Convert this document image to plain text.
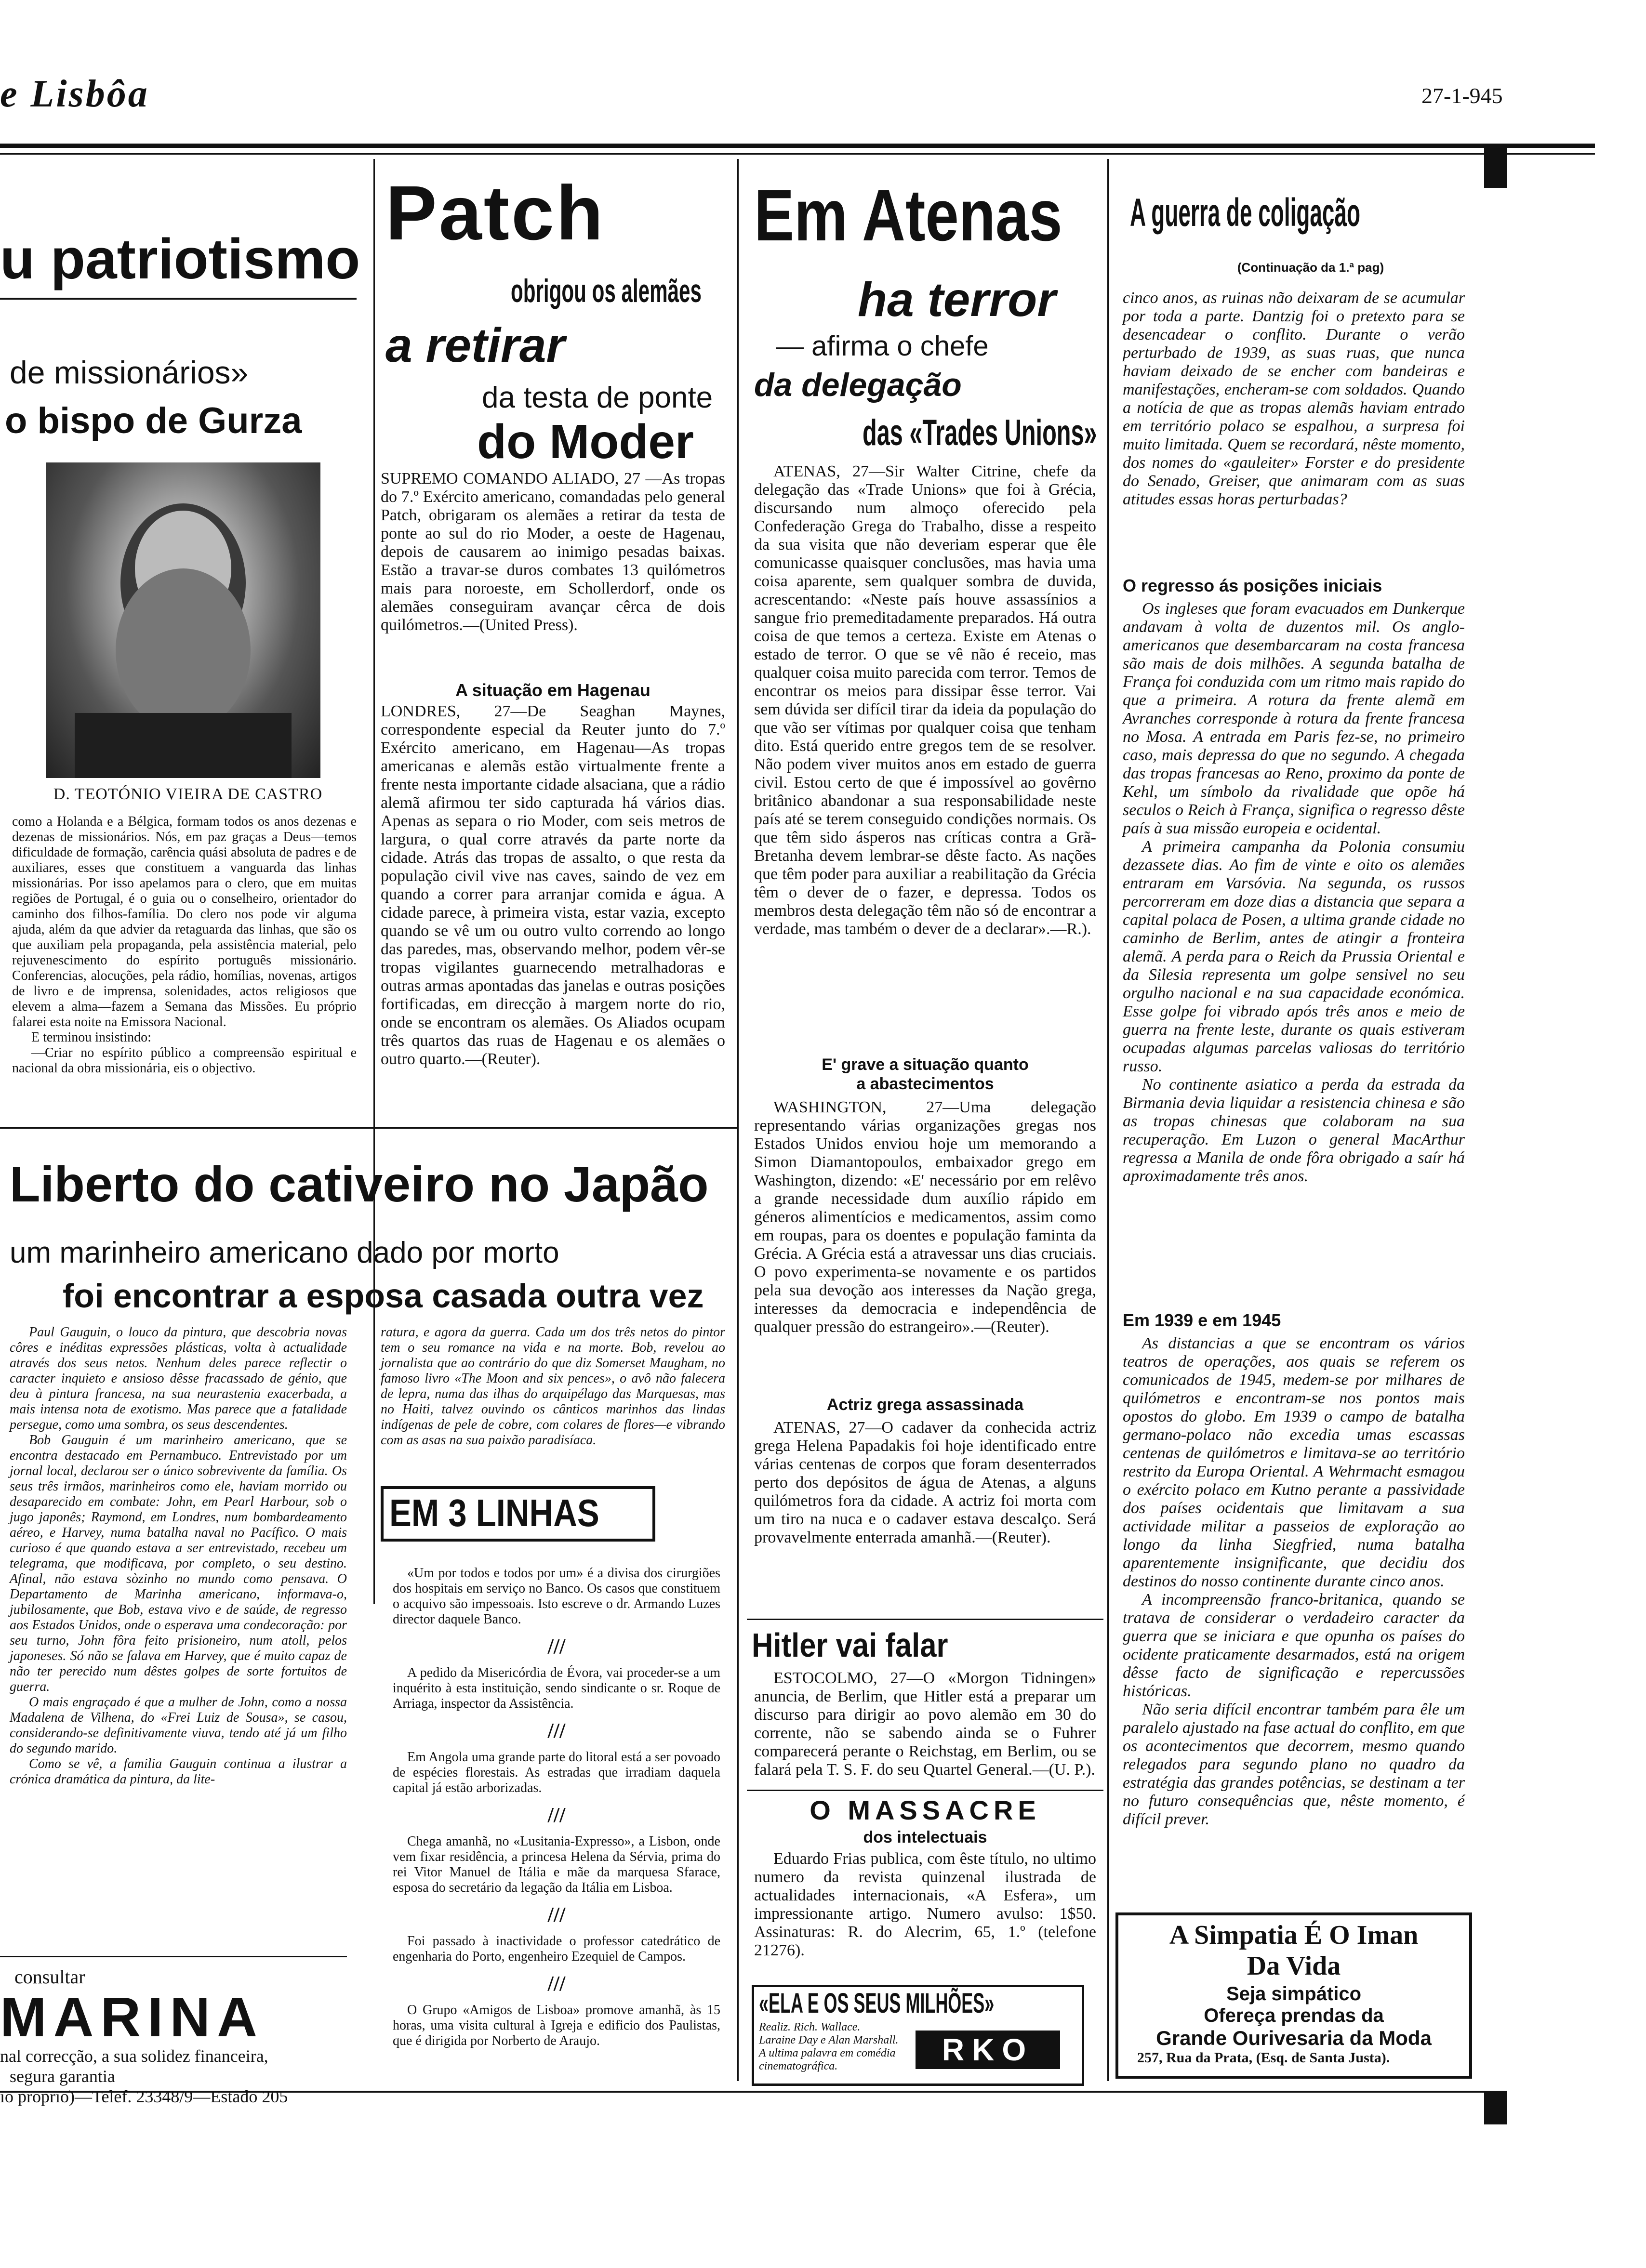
e Lisbôa	27-1-945
u patriotismo
de missionários»
o bispo de Gurza
D. TEOTÓNIO VIEIRA DE CASTRO

como a Holanda e a Bélgica, formam todos os anos dezenas e dezenas de missionários. Nós, em paz graças a Deus—temos dificuldade de formação, carência quási absoluta de padres e de auxiliares, esses que constituem a vanguarda das linhas missionárias. Por isso apelamos para o clero, que em muitas regiões de Portugal, é o guia ou o conselheiro, orientador do caminho dos filhos-família. Do clero nos pode vir alguma ajuda, além da que advier da retaguarda das linhas, que são os que auxiliam pela propaganda, pela assistência material, pelo rejuvenescimento do espírito português missionário. Conferencias, alocuções, pela rádio, homílias, novenas, artigos de livro e de imprensa, solenidades, actos religiosos que elevem a alma—fazem a Semana das Missões. Eu próprio falarei esta noite na Emissora Nacional.

E terminou insistindo:

—Criar no espírito público a compreensão espiritual e nacional da obra missionária, eis o objectivo.

Patch
obrigou os alemães
a retirar
da testa de ponte
do Moder

SUPREMO COMANDO ALIADO, 27 —As tropas do 7.º Exército americano, comandadas pelo general Patch, obrigaram os alemães a retirar da testa de ponte ao sul do rio Moder, a oeste de Hagenau, depois de causarem ao inimigo pesadas baixas. Estão a travar-se duros combates 13 quilómetros mais para noroeste, em Schollerdorf, onde os alemães conseguiram avançar cêrca de dois quilómetros.—(United Press).

A situação em Hagenau

LONDRES, 27—De Seaghan Maynes, correspondente especial da Reuter junto do 7.º Exército americano, em Hagenau—As tropas americanas e alemãs estão virtualmente frente a frente nesta importante cidade alsaciana, que a rádio alemã afirmou ter sido capturada há vários dias. Apenas as separa o rio Moder, com seis metros de largura, o qual corre através da parte norte da cidade. Atrás das tropas de assalto, o que resta da população civil vive nas caves, saindo de vez em quando a correr para arranjar comida e água. A cidade parece, à primeira vista, estar vazia, excepto quando se vê um ou outro vulto correndo ao longo das paredes, mas, observando melhor, podem vêr-se tropas vigilantes guarnecendo metralhadoras e outras armas apontadas das janelas e outras posições fortificadas, em direcção à margem norte do rio, onde se encontram os alemães. Os Aliados ocupam três quartos das ruas de Hagenau e os alemães o outro quarto.—(Reuter).

Liberto do cativeiro no Japão
um marinheiro americano dado por morto
foi encontrar a esposa casada outra vez

Paul Gauguin, o louco da pintura, que descobria novas côres e inéditas expressões plásticas, volta à actualidade através dos seus netos. Nenhum deles parece reflectir o caracter inquieto e ansioso dêsse fracassado de génio, que deu à pintura francesa, na sua neurastenia exacerbada, a mais intensa nota de exotismo. Mas parece que a fatalidade persegue, como uma sombra, os seus descendentes.

Bob Gauguin é um marinheiro americano, que se encontra destacado em Pernambuco. Entrevistado por um jornal local, declarou ser o único sobrevivente da família. Os seus três irmãos, marinheiros como ele, haviam morrido ou desaparecido em combate: John, em Pearl Harbour, sob o jugo japonês; Raymond, em Londres, num bombardeamento aéreo, e Harvey, numa batalha naval no Pacífico. O mais curioso é que quando estava a ser entrevistado, recebeu um telegrama, que modificava, por completo, o seu destino. Afinal, não estava sòzinho no mundo como pensava. O Departamento de Marinha americano, informava-o, jubilosamente, que Bob, estava vivo e de saúde, de regresso aos Estados Unidos, onde o esperava uma condecoração: por seu turno, John fôra feito prisioneiro, num atoll, pelos japoneses. Só não se falava em Harvey, que é muito capaz de não ter perecido num dêstes golpes de sorte fortuitos de guerra.

O mais engraçado é que a mulher de John, como a nossa Madalena de Vilhena, do «Frei Luiz de Sousa», se casou, considerando-se definitivamente viuva, tendo até já um filho do segundo marido.

Como se vê, a familia Gauguin continua a ilustrar a crónica dramática da pintura, da lite-

ratura, e agora da guerra. Cada um dos três netos do pintor tem o seu romance na vida e na morte. Bob, revelou ao jornalista que ao contrário do que diz Somerset Maugham, no famoso livro «The Moon and six pences», o avô não falecera de lepra, numa das ilhas do arquipélago das Marquesas, mas no Haiti, talvez ouvindo os cânticos marinhos das lindas indígenas de pele de cobre, com colares de flores—e vibrando com as asas na sua paixão paradisíaca.

EM 3 LINHAS

«Um por todos e todos por um» é a divisa dos cirurgiões dos hospitais em serviço no Banco. Os casos que constituem o acquivo são impessoais. Isto escreve o dr. Armando Luzes director daquele Banco.

///

A pedido da Misericórdia de Évora, vai proceder-se a um inquérito à esta instituição, sendo sindicante o sr. Roque de Arriaga, inspector da Assistência.

///

Em Angola uma grande parte do litoral está a ser povoado de espécies florestais. As estradas que irradiam daquela capital já estão arborizadas.

///

Chega amanhã, no «Lusitania-Expresso», a Lisbon, onde vem fixar residência, a princesa Helena da Sérvia, prima do rei Vitor Manuel de Itália e mãe da marquesa Sfarace, esposa do secretário da legação da Itália em Lisboa.

///

Foi passado à inactividade o professor catedrático de engenharia do Porto, engenheiro Ezequiel de Campos.

///

O Grupo «Amigos de Lisboa» promove amanhã, às 15 horas, uma visita cultural à Igreja e edificio dos Paulistas, que é dirigida por Norberto de Araujo.

consultar
MARINA
nal correcção, a sua solidez financeira,
segura garantia
io proprio)—Telef. 23348/9—Estado 205
Em Atenas
ha terror
— afirma o chefe
da delegação
das «Trades Unions»

ATENAS, 27—Sir Walter Citrine, chefe da delegação das «Trade Unions» que foi à Grécia, discursando num almoço oferecido pela Confederação Grega do Trabalho, disse a respeito da sua visita que não deveriam esperar que êle comunicasse quaisquer conclusões, mas havia uma coisa aparente, sem qualquer sombra de duvida, acrescentando: «Neste país houve assassínios a sangue frio premeditadamente preparados. Há outra coisa de que temos a certeza. Existe em Atenas o estado de terror. O que se vê não é receio, mas qualquer coisa muito parecida com terror. Temos de encontrar os meios para dissipar êsse terror. Vai sem dúvida ser difícil tirar da ideia da população do que vão ser vítimas por qualquer coisa que tenham dito. Está querido entre gregos tem de se resolver. Não podem viver muitos anos em estado de guerra civil. Estou certo de que é impossível ao govêrno britânico abandonar a sua responsabilidade neste país até se terem conseguido condições normais. Os que têm sido ásperos nas críticas contra a Grã-Bretanha devem lembrar-se dêste facto. As nações que têm poder para auxiliar a reabilitação da Grécia têm o dever de o fazer, e depressa. Todos os membros desta delegação têm não só de encontrar a verdade, mas também o dever de a declarar».—R.).

E' grave a situação quanto
a abastecimentos

WASHINGTON, 27—Uma delegação representando várias organizações gregas nos Estados Unidos enviou hoje um memorando a Simon Diamantopoulos, embaixador grego em Washington, dizendo: «E' necessário por em relêvo a grande necessidade dum auxílio rápido em géneros alimentícios e medicamentos, assim como em roupas, para os doentes e população faminta da Grécia. A Grécia está a atravessar uns dias cruciais. O povo experimenta-se novamente e os partidos pela sua devoção aos interesses da Nação grega, interesses da democracia e independência de qualquer pressão do estrangeiro».—(Reuter).

Actriz grega assassinada

ATENAS, 27—O cadaver da conhecida actriz grega Helena Papadakis foi hoje identificado entre várias centenas de corpos que foram desenterrados perto dos depósitos de água de Atenas, a alguns quilómetros fora da cidade. A actriz foi morta com um tiro na nuca e o cadaver estava descalço. Será provavelmente enterrada amanhã.—(Reuter).

Hitler vai falar

ESTOCOLMO, 27—O «Morgon Tidningen» anuncia, de Berlim, que Hitler está a preparar um discurso para dirigir ao povo alemão em 30 do corrente, não se sabendo ainda se o Fuhrer comparecerá perante o Reichstag, em Berlim, ou se falará pela T. S. F. do seu Quartel General.—(U. P.).

O MASSACRE
dos intelectuais

Eduardo Frias publica, com êste título, no ultimo numero da revista quinzenal ilustrada de actualidades internacionais, «A Esfera», um impressionante artigo. Numero avulso: 1$50. Assinaturas: R. do Alecrim, 65, 1.º (telefone 21276).

«ELA E OS SEUS MILHÕES»
Realiz. Rich. Wallace. Laraine Day e Alan Marshall. A ultima palavra em comédia cinematográfica.	RKO
A guerra de coligação
(Continuação da 1.ª pag)

cinco anos, as ruinas não deixaram de se acumular por toda a parte. Dantzig foi o pretexto para se desencadear o conflito. Durante o verão perturbado de 1939, as suas ruas, que nunca haviam deixado de se encher com bandeiras e manifestações, encheram-se com soldados. Quando a notícia de que as tropas alemãs haviam entrado em território polaco se espalhou, a surpresa foi muito limitada. Quem se recordará, nêste momento, dos nomes do «gauleiter» Forster e do presidente do Senado, Greiser, que animaram com as suas atitudes essas horas perturbadas?

O regresso ás posições iniciais

Os ingleses que foram evacuados em Dunkerque andavam à volta de duzentos mil. Os anglo-americanos que desembarcaram na costa francesa são mais de dois milhões. A segunda batalha de França foi conduzida com um ritmo mais rapido do que a primeira. A rotura da frente alemã em Avranches corresponde à rotura da frente francesa no Mosa. A entrada em Paris fez-se, no primeiro caso, mais depressa do que no segundo. A chegada das tropas francesas ao Reno, proximo da ponte de Kehl, um símbolo da rivalidade que opõe há seculos o Reich à França, significa o regresso dêste país à sua missão europeia e ocidental.

A primeira campanha da Polonia consumiu dezassete dias. Ao fim de vinte e oito os alemães entraram em Varsóvia. Na segunda, os russos percorreram em doze dias a distancia que separa a capital polaca de Posen, a ultima grande cidade no caminho de Berlim, antes de atingir a fronteira alemã. A perda para o Reich da Prussia Oriental e da Silesia representa um golpe sensivel no seu orgulho nacional e na sua capacidade económica. Esse golpe foi vibrado após três anos e meio de guerra na frente leste, durante os quais estiveram ocupadas algumas parcelas valiosas do território russo.

No continente asiatico a perda da estrada da Birmania devia liquidar a resistencia chinesa e são as tropas chinesas que colaboram na sua recuperação. Em Luzon o general MacArthur regressa a Manila de onde fôra obrigado a saír há aproximadamente três anos.

Em 1939 e em 1945

As distancias a que se encontram os vários teatros de operações, aos quais se referem os comunicados de 1945, medem-se por milhares de quilómetros e encontram-se nos pontos mais opostos do globo. Em 1939 o campo de batalha germano-polaco não excedia umas escassas centenas de quilómetros e limitava-se ao território restrito da Europa Oriental. A Wehrmacht esmagou o exército polaco em Kutno perante a passividade dos países ocidentais que limitavam a sua actividade militar a passeios de exploração ao longo da linha Siegfried, numa batalha aparentemente insignificante, que decidiu dos destinos do nosso continente durante cinco anos.

A incompreensão franco-britanica, quando se tratava de considerar o verdadeiro caracter da guerra que se iniciara e que opunha os países do ocidente praticamente desarmados, está na origem dêsse facto de significação e repercussões históricas.

Não seria difícil encontrar também para êle um paralelo ajustado na fase actual do conflito, em que os acontecimentos que decorrem, mesmo quando relegados para segundo plano no quadro da estratégia das grandes potências, se destinam a ter no futuro consequências que, nêste momento, é difícil prever.

A Simpatia É O Iman
Da Vida
Seja simpático
Ofereça prendas da
Grande Ourivesaria da Moda
257, Rua da Prata, (Esq. de Santa Justa).
